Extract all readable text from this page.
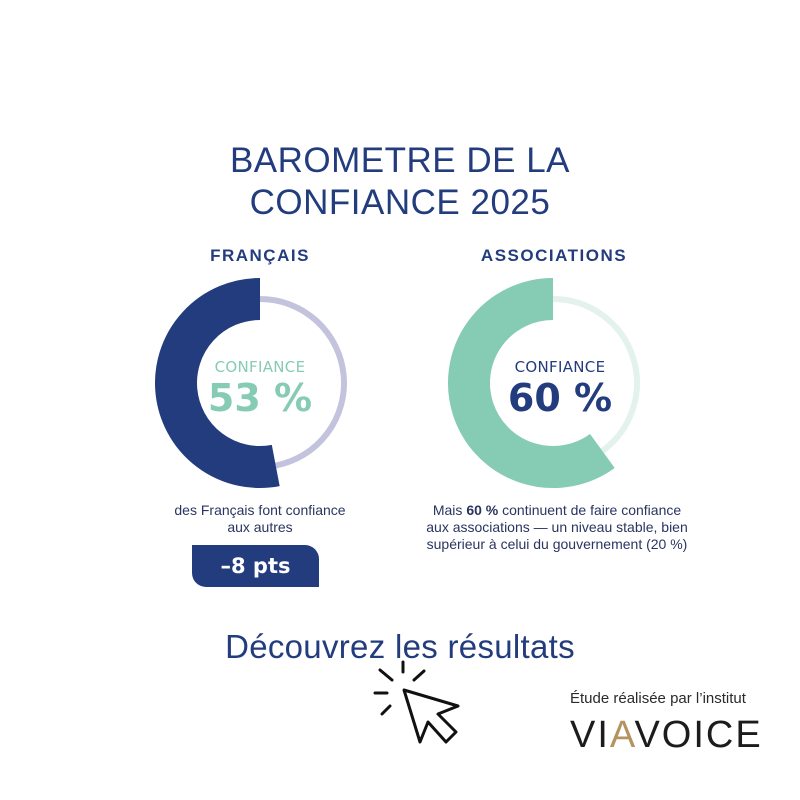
BAROMETRE DE LA
CONFIANCE 2025
FRANÇAIS	ASSOCIATIONS
CONFIANCE
53 %
CONFIANCE
60 %
des Français font confiance
aux autres
–8 pts
Mais 60 % continuent de faire confiance
aux associations — un niveau stable, bien
supérieur à celui du gouvernement (20 %)
Découvrez les résultats
Étude réalisée par l’institut
VIAVOICE
